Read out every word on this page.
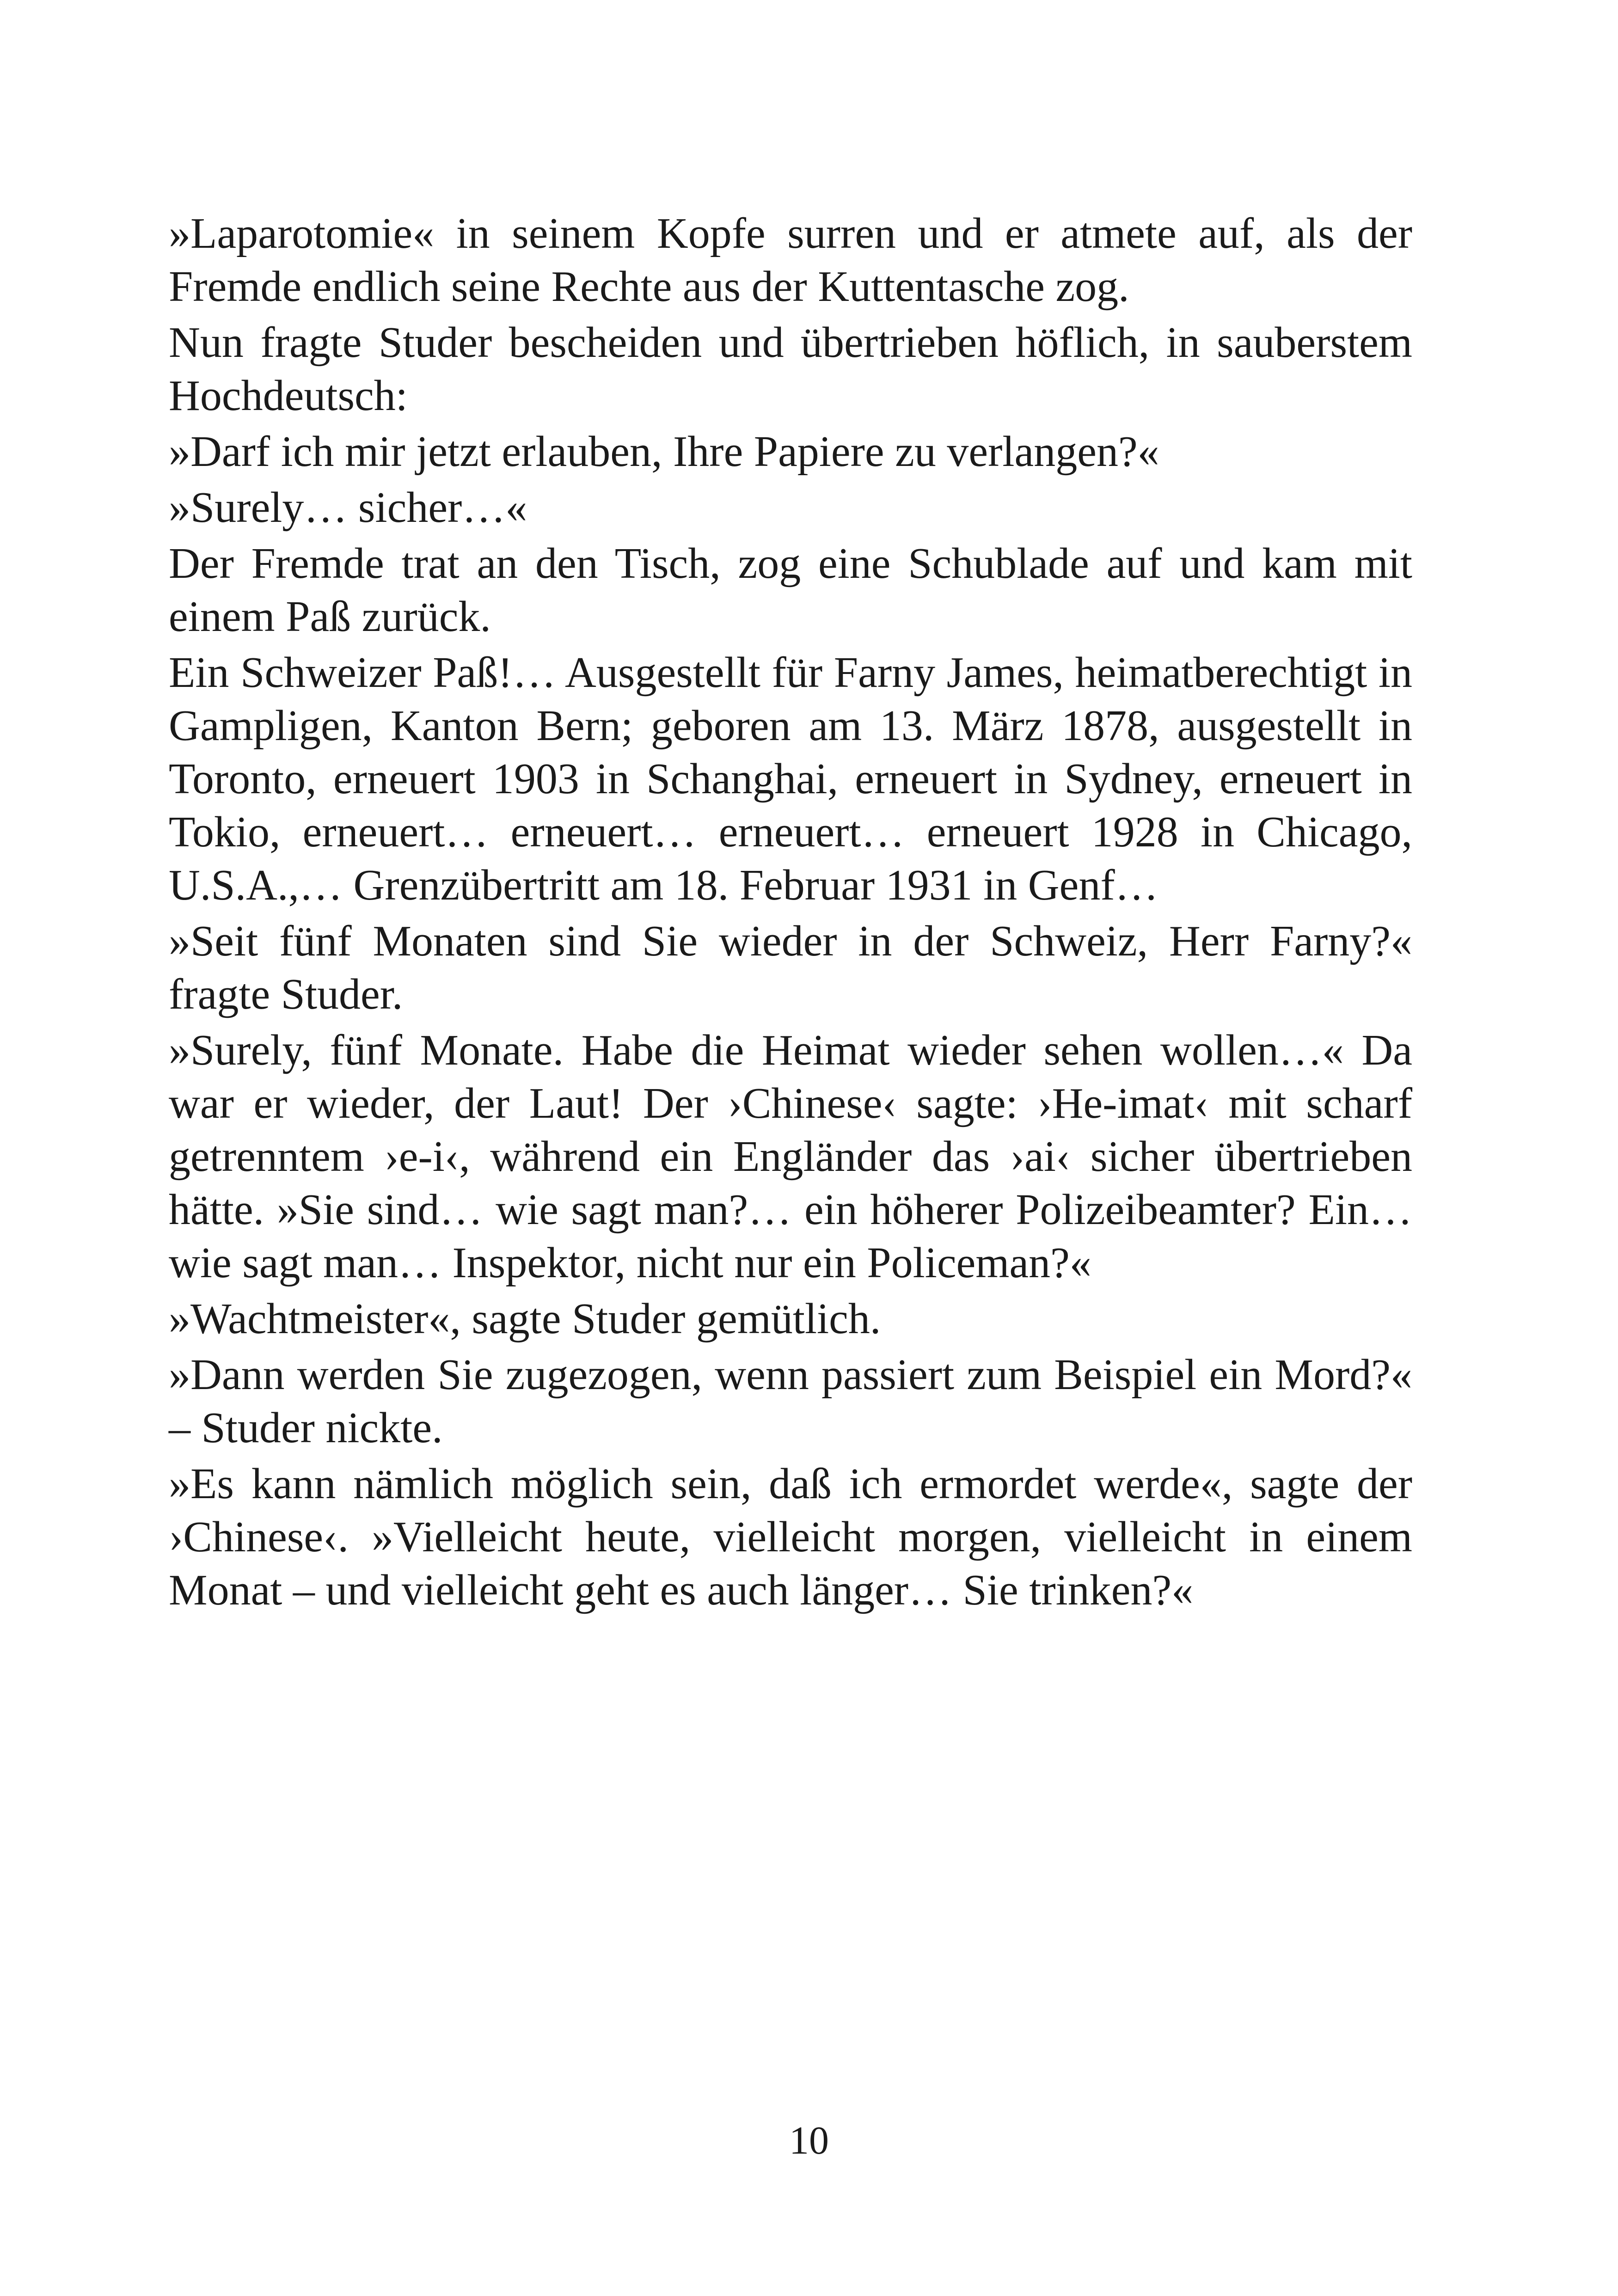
»Laparotomie« in seinem Kopfe surren und er atmete auf, als der Fremde endlich seine Rechte aus der Kuttentasche zog.

Nun fragte Studer bescheiden und übertrieben höflich, in sauberstem Hochdeutsch:

»Darf ich mir jetzt erlauben, Ihre Papiere zu verlangen?«

»Surely… sicher…«

Der Fremde trat an den Tisch, zog eine Schublade auf und kam mit einem Paß zurück.

Ein Schweizer Paß!… Ausgestellt für Farny James, heimatberechtigt in Gampligen, Kanton Bern; geboren am 13. März 1878, ausgestellt in Toronto, erneuert 1903 in Schanghai, erneuert in Sydney, erneuert in Tokio, erneuert… erneuert… erneuert… erneuert 1928 in Chicago, U.S.A.,… Grenzübertritt am 18. Februar 1931 in Genf…

»Seit fünf Monaten sind Sie wieder in der Schweiz, Herr Farny?« fragte Studer.

»Surely, fünf Monate. Habe die Heimat wieder sehen wollen…« Da war er wieder, der Laut! Der ›Chinese‹ sagte: ›He-imat‹ mit scharf getrenntem ›e-i‹, während ein Engländer das ›ai‹ sicher übertrieben hätte. »Sie sind… wie sagt man?… ein höherer Polizeibeamter? Ein… wie sagt man… Inspektor, nicht nur ein Policeman?«

»Wachtmeister«, sagte Studer gemütlich.

»Dann werden Sie zugezogen, wenn passiert zum Beispiel ein Mord?« – Studer nickte.

»Es kann nämlich möglich sein, daß ich ermordet werde«, sagte der ›Chinese‹. »Vielleicht heute, vielleicht morgen, vielleicht in einem Monat – und vielleicht geht es auch länger… Sie trinken?«

10
